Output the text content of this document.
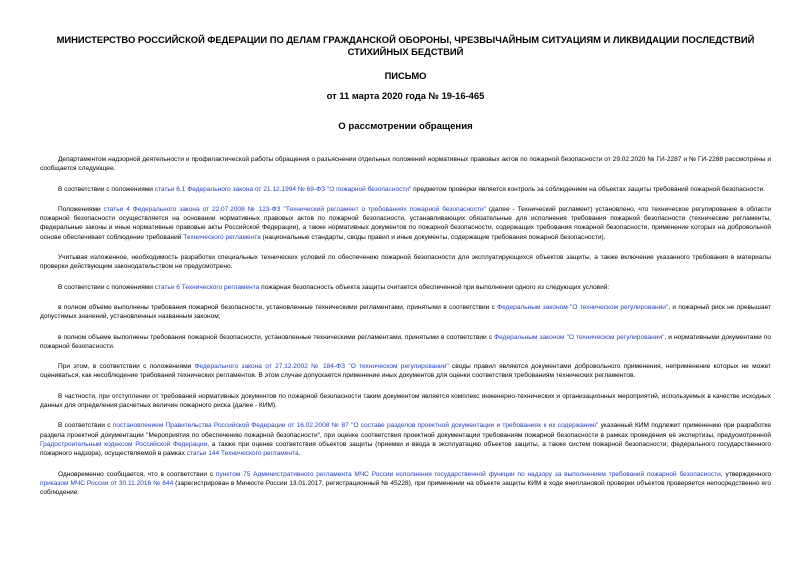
МИНИСТЕРСТВО РОССИЙСКОЙ ФЕДЕРАЦИИ ПО ДЕЛАМ ГРАЖДАНСКОЙ ОБОРОНЫ, ЧРЕЗВЫЧАЙНЫМ СИТУАЦИЯМ И ЛИКВИДАЦИИ ПОСЛЕДСТВИЙ СТИХИЙНЫХ БЕДСТВИЙ

ПИСЬМО

от 11 марта 2020 года № 19-16-465

О рассмотрении обращения

Департаментом надзорной деятельности и профилактической работы обращения о разъяснении отдельных положений нормативных правовых актов по пожарной безопасности от 29.02.2020 № ГИ-2287 и № ГИ-2288 рассмотрены и сообщается следующее.

В соответствии с положениями статьи 6.1 Федерального закона от 21.12.1994 № 69-ФЗ "О пожарной безопасности" предметом проверки является контроль за соблюдением на объектах защиты требований пожарной безопасности.

Положениями статьи 4 Федерального закона от 22.07.2008 № 123-ФЗ "Технический регламент о требованиях пожарной безопасности" (далее - Технический регламент) установлено, что техническое регулирование в области пожарной безопасности осуществляется на основании нормативных правовых актов по пожарной безопасности, устанавливающих обязательные для исполнения требования пожарной безопасности (технические регламенты, федеральные законы и иные нормативные правовые акты Российской Федерации), а также нормативных документов по пожарной безопасности, содержащих требования пожарной безопасности, применение которых на добровольной основе обеспечивает соблюдение требований Технического регламента (национальные стандарты, своды правил и иные документы, содержащие требования пожарной безопасности).

Учитывая изложенное, необходимость разработки специальных технических условий по обеспечению пожарной безопасности для эксплуатирующихся объектов защиты, а также включение указанного требования в материалы проверки действующим законодательством не предусмотрено.

В соответствии с положениями статьи 6 Технического регламента пожарная безопасность объекта защиты считается обеспеченной при выполнении одного из следующих условий:

в полном объеме выполнены требования пожарной безопасности, установленные техническими регламентами, принятыми в соответствии с Федеральным законом "О техническом регулировании", и пожарный риск не превышает допустимых значений, установленных названным законом;

в полном объеме выполнены требования пожарной безопасности, установленные техническими регламентами, принятыми в соответствии с Федеральным законом "О техническом регулировании", и нормативными документами по пожарной безопасности.

При этом, в соответствии с положениями Федерального закона от 27.12.2002 № 184-ФЗ "О техническом регулировании" своды правил являются документами добровольного применения, неприменение которых не может оцениваться, как несоблюдение требований технических регламентов. В этом случае допускается применение иных документов для оценки соответствия требованиям технических регламентов.

В частности, при отступлении от требований нормативных документов по пожарной безопасности таким документом является комплекс инженерно-технических и организационных мероприятий, используемых в качестве исходных данных для определения расчетных величин пожарного риска (далее - КИМ).

В соответствии с постановлением Правительства Российской Федерации от 16.02.2008 № 87 "О составе разделов проектной документации и требованиях к их содержанию" указанный КИМ подлежит применению при разработке раздела проектной документации "Мероприятия по обеспечению пожарной безопасности", при оценке соответствия проектной документации требованиям пожарной безопасности в рамках проведения её экспертизы, предусмотренной Градостроительным кодексом Российской Федерации, а также при оценке соответствия объектов защиты (приемки и ввода в эксплуатацию объектов защиты, а также систем пожарной безопасности; федерального государственного пожарного надзора), осуществляемой в рамках статьи 144 Технического регламента.

Одновременно сообщается, что в соответствии с пунктом 75 Административного регламента МЧС России исполнения государственной функции по надзору за выполнением требований пожарной безопасности, утвержденного приказом МЧС России от 30.11.2016 № 644 (зарегистрирован в Минюсте России 13.01.2017, регистрационный № 45228), при применении на объекте защиты КИМ в ходе внеплановой проверки объектов проверяется непосредственно его соблюдение.
